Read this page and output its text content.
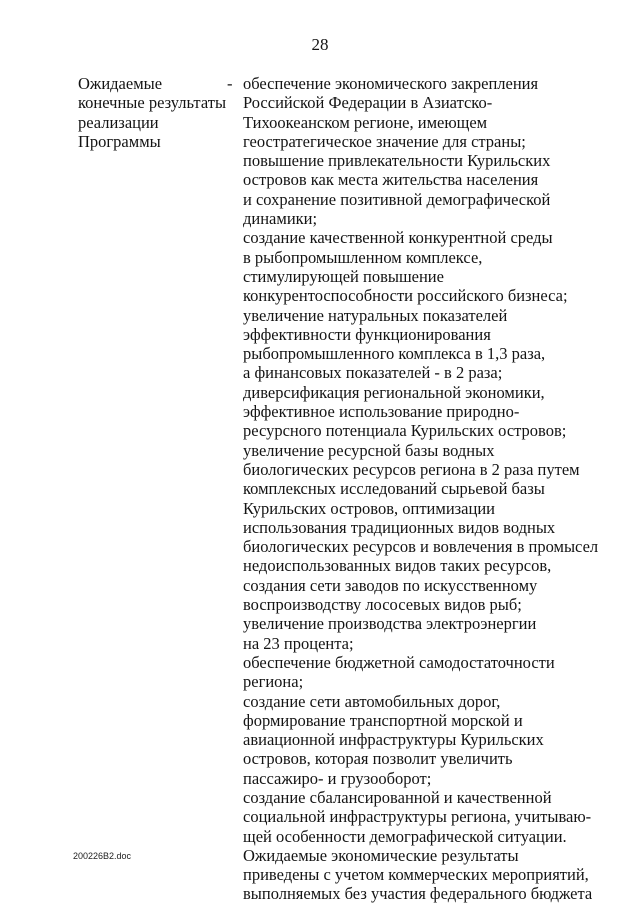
28
Ожидаемые
конечные результаты
реализации
Программы
- обеспечение экономического закрепления
Российской Федерации в Азиатско-
Тихоокеанском регионе, имеющем
геостратегическое значение для страны;
повышение привлекательности Курильских
островов как места жительства населения
и сохранение позитивной демографической
динамики;
создание качественной конкурентной среды
в рыбопромышленном комплексе,
стимулирующей повышение
конкурентоспособности российского бизнеса;
увеличение натуральных показателей
эффективности функционирования
рыбопромышленного комплекса в 1,3 раза,
а финансовых показателей - в 2 раза;
диверсификация региональной экономики,
эффективное использование природно-
ресурсного потенциала Курильских островов;
увеличение ресурсной базы водных
биологических ресурсов региона в 2 раза путем
комплексных исследований сырьевой базы
Курильских островов, оптимизации
использования традиционных видов водных
биологических ресурсов и вовлечения в промысел
недоиспользованных видов таких ресурсов,
создания сети заводов по искусственному
воспроизводству лососевых видов рыб;
увеличение производства электроэнергии
на 23 процента;
обеспечение бюджетной самодостаточности
региона;
создание сети автомобильных дорог,
формирование транспортной морской и
авиационной инфраструктуры Курильских
островов, которая позволит увеличить
пассажиро- и грузооборот;
создание сбалансированной и качественной
социальной инфраструктуры региона, учитываю-
щей особенности демографической ситуации.
Ожидаемые экономические результаты
приведены с учетом коммерческих мероприятий,
выполняемых без участия федерального бюджета
200226B2.doc
